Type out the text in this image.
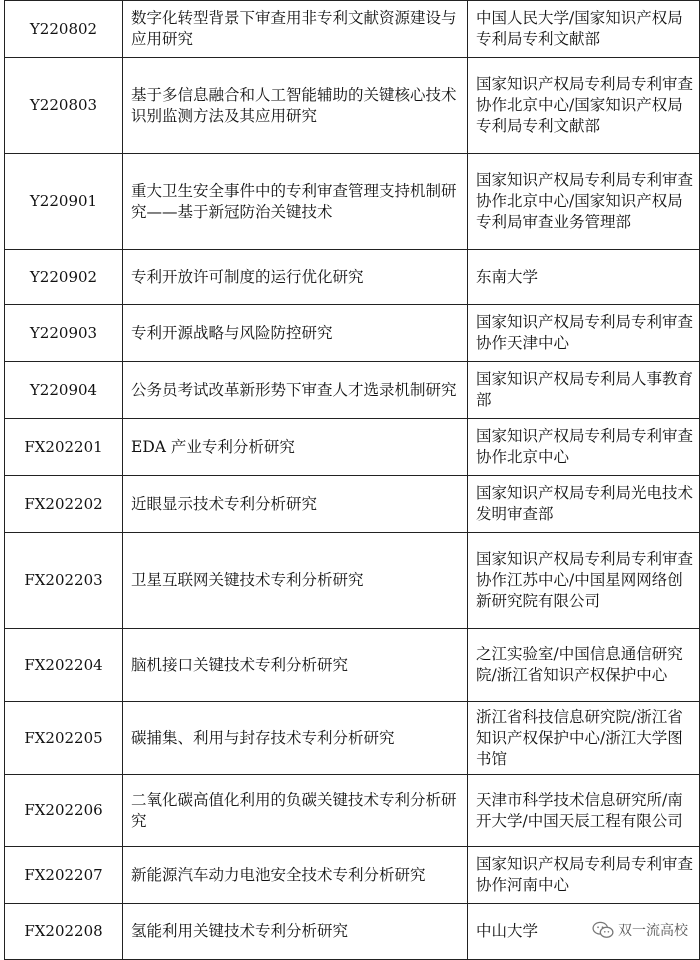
Y220802	数字化转型背景下审查用非专利文献资源建设与应用研究	中国人民大学/国家知识产权局专利局专利文献部
Y220803	基于多信息融合和人工智能辅助的关键核心技术识别监测方法及其应用研究	国家知识产权局专利局专利审查协作北京中心/国家知识产权局专利局专利文献部
Y220901	重大卫生安全事件中的专利审查管理支持机制研究——基于新冠防治关键技术	国家知识产权局专利局专利审查协作北京中心/国家知识产权局专利局审查业务管理部
Y220902	专利开放许可制度的运行优化研究	东南大学
Y220903	专利开源战略与风险防控研究	国家知识产权局专利局专利审查协作天津中心
Y220904	公务员考试改革新形势下审查人才选录机制研究	国家知识产权局专利局人事教育部
FX202201	EDA 产业专利分析研究	国家知识产权局专利局专利审查协作北京中心
FX202202	近眼显示技术专利分析研究	国家知识产权局专利局光电技术发明审查部
FX202203	卫星互联网关键技术专利分析研究	国家知识产权局专利局专利审查协作江苏中心/中国星网网络创新研究院有限公司
FX202204	脑机接口关键技术专利分析研究	之江实验室/中国信息通信研究院/浙江省知识产权保护中心
FX202205	碳捕集、利用与封存技术专利分析研究	浙江省科技信息研究院/浙江省知识产权保护中心/浙江大学图书馆
FX202206	二氧化碳高值化利用的负碳关键技术专利分析研究	天津市科学技术信息研究所/南开大学/中国天辰工程有限公司
FX202207	新能源汽车动力电池安全技术专利分析研究	国家知识产权局专利局专利审查协作河南中心
FX202208	氢能利用关键技术专利分析研究	中山大学	双一流高校
